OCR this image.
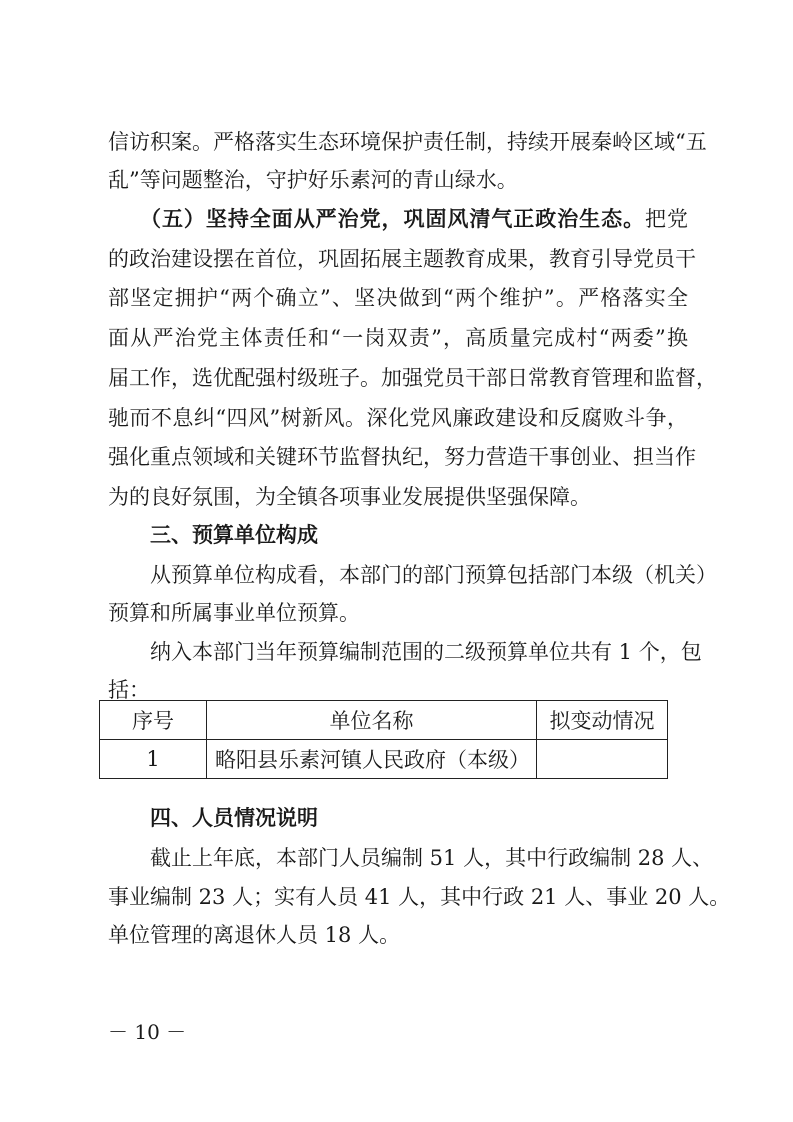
信访积案。严格落实生态环境保护责任制，持续开展秦岭区域“五
乱”等问题整治，守护好乐素河的青山绿水。
（五）坚持全面从严治党，巩固风清气正政治生态。把党
的政治建设摆在首位，巩固拓展主题教育成果，教育引导党员干
部坚定拥护“两个确立”、坚决做到“两个维护”。严格落实全
面从严治党主体责任和“一岗双责”，高质量完成村“两委”换
届工作，选优配强村级班子。加强党员干部日常教育管理和监督，
驰而不息纠“四风”树新风。深化党风廉政建设和反腐败斗争，
强化重点领域和关键环节监督执纪，努力营造干事创业、担当作
为的良好氛围，为全镇各项事业发展提供坚强保障。
三、预算单位构成
从预算单位构成看，本部门的部门预算包括部门本级（机关）
预算和所属事业单位预算。
纳入本部门当年预算编制范围的二级预算单位共有 1 个，包
括：
序号	单位名称	拟变动情况
1	略阳县乐素河镇人民政府（本级）	
四、人员情况说明
截止上年底，本部门人员编制 51 人，其中行政编制 28 人、
事业编制 23 人；实有人员 41 人，其中行政 21 人、事业 20 人。
单位管理的离退休人员 18 人。
－ 10 －
